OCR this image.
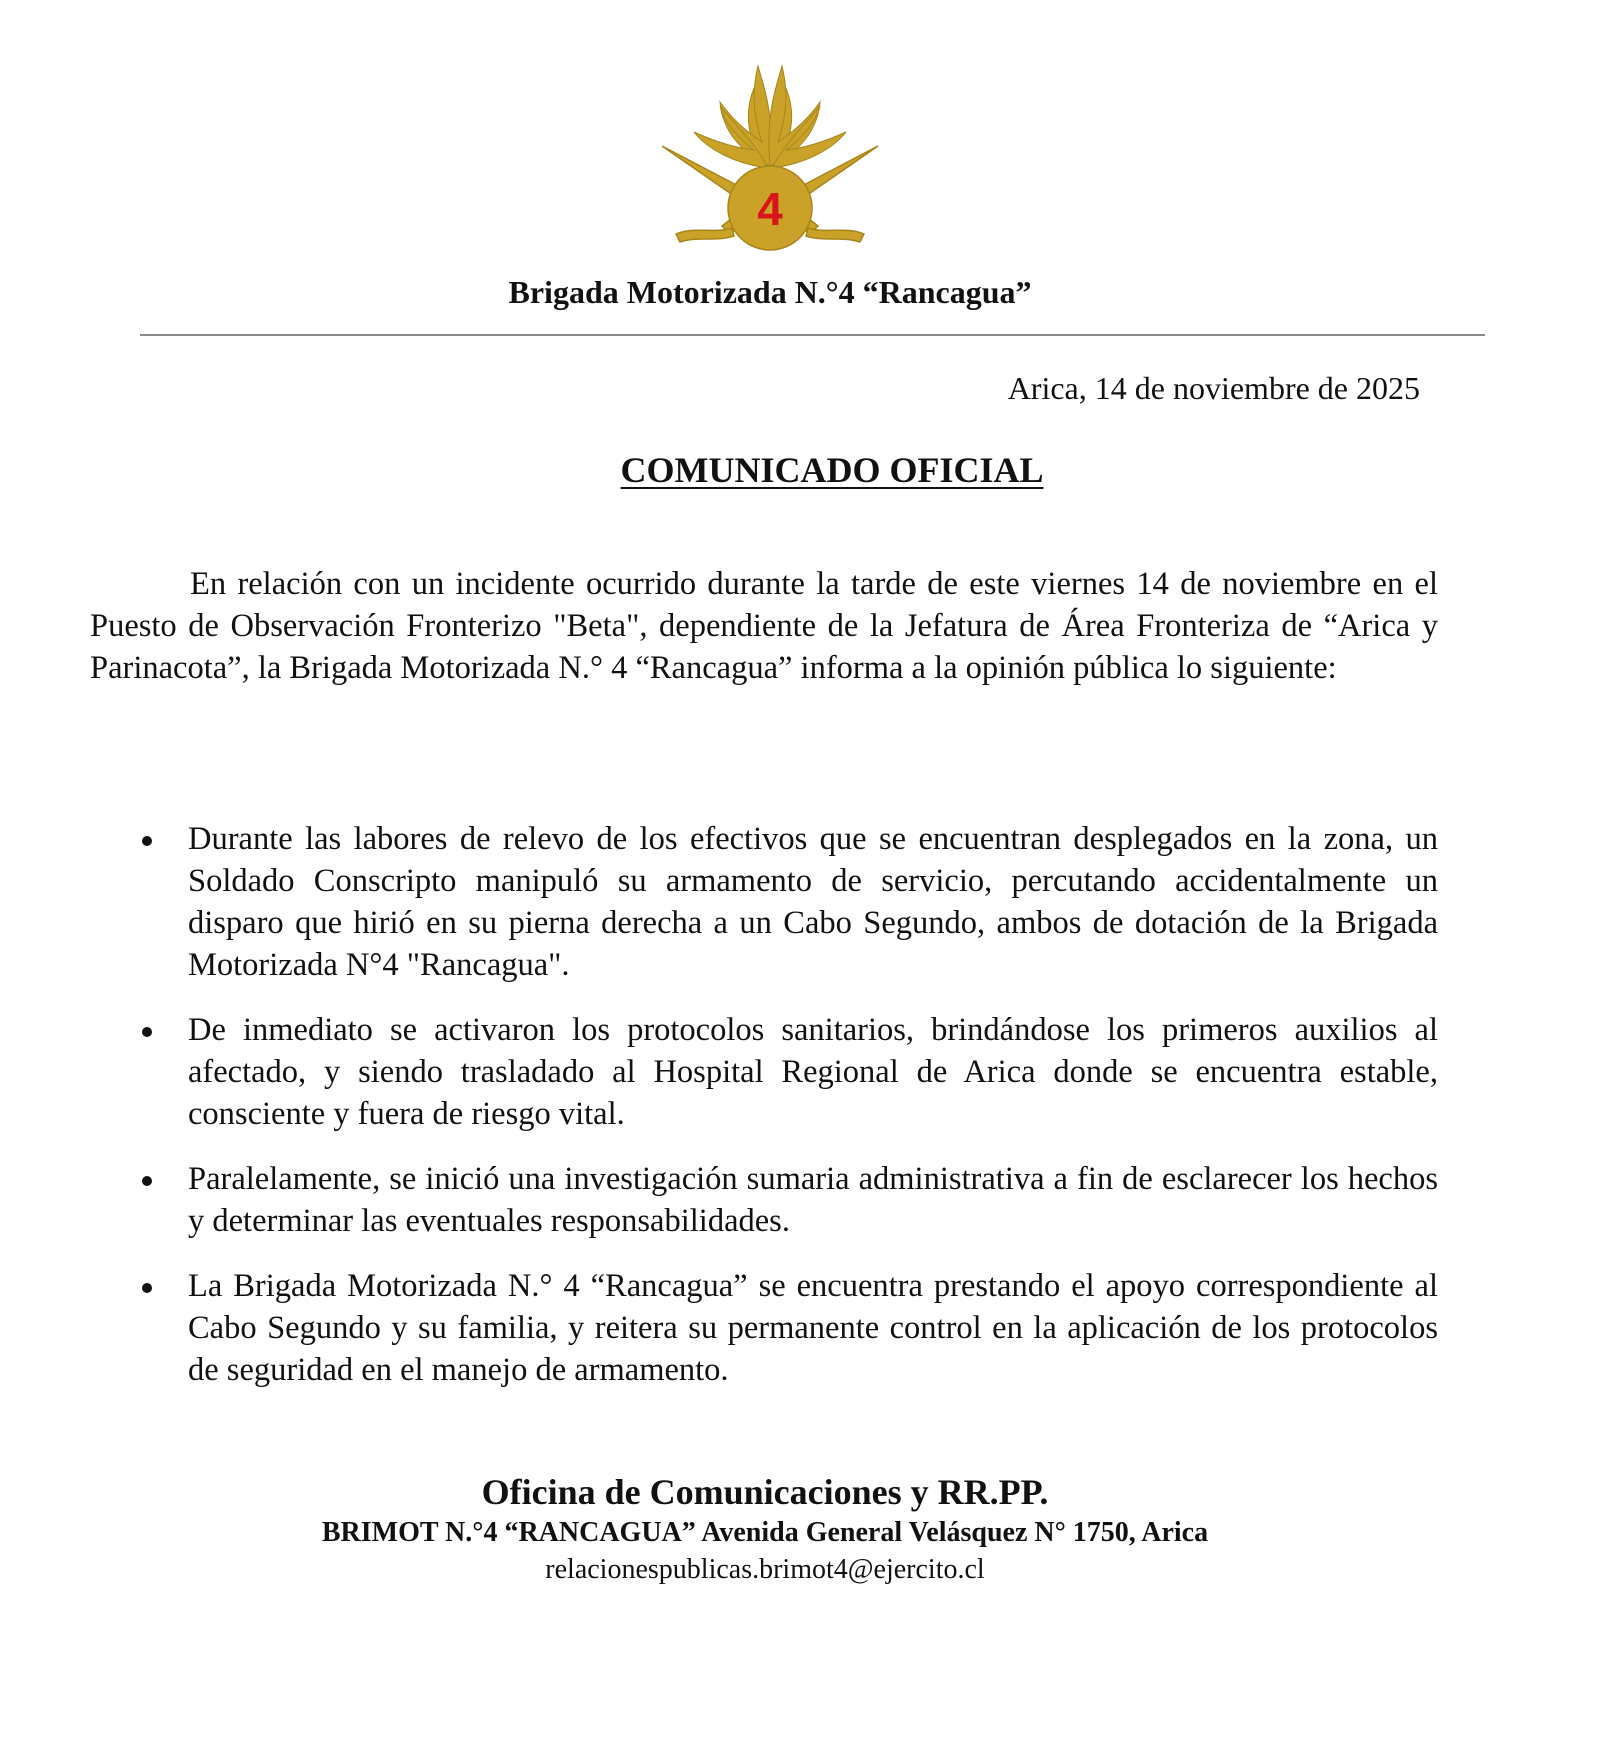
4
Brigada Motorizada N.°4 “Rancagua”
Arica, 14 de noviembre de 2025
COMUNICADO OFICIAL

En relación con un incidente ocurrido durante la tarde de este viernes 14 de noviembre en el Puesto de Observación Fronterizo "Beta", dependiente de la Jefatura de Área Fronteriza de “Arica y Parinacota”, la Brigada Motorizada N.° 4 “Rancagua” informa a la opinión pública lo siguiente:

Durante las labores de relevo de los efectivos que se encuentran desplegados en la zona, un Soldado Conscripto manipuló su armamento de servicio, percutando accidentalmente un disparo que hirió en su pierna derecha a un Cabo Segundo, ambos de dotación de la Brigada Motorizada N°4 "Rancagua".
De inmediato se activaron los protocolos sanitarios, brindándose los primeros auxilios al afectado, y siendo trasladado al Hospital Regional de Arica donde se encuentra estable, consciente y fuera de riesgo vital.
Paralelamente, se inició una investigación sumaria administrativa a fin de esclarecer los hechos y determinar las eventuales responsabilidades.
La Brigada Motorizada N.° 4 “Rancagua” se encuentra prestando el apoyo correspondiente al Cabo Segundo y su familia, y reitera su permanente control en la aplicación de los protocolos de seguridad en el manejo de armamento.
Oficina de Comunicaciones y RR.PP.
BRIMOT N.°4 “RANCAGUA” Avenida General Velásquez N° 1750, Arica
relacionespublicas.brimot4@ejercito.cl
